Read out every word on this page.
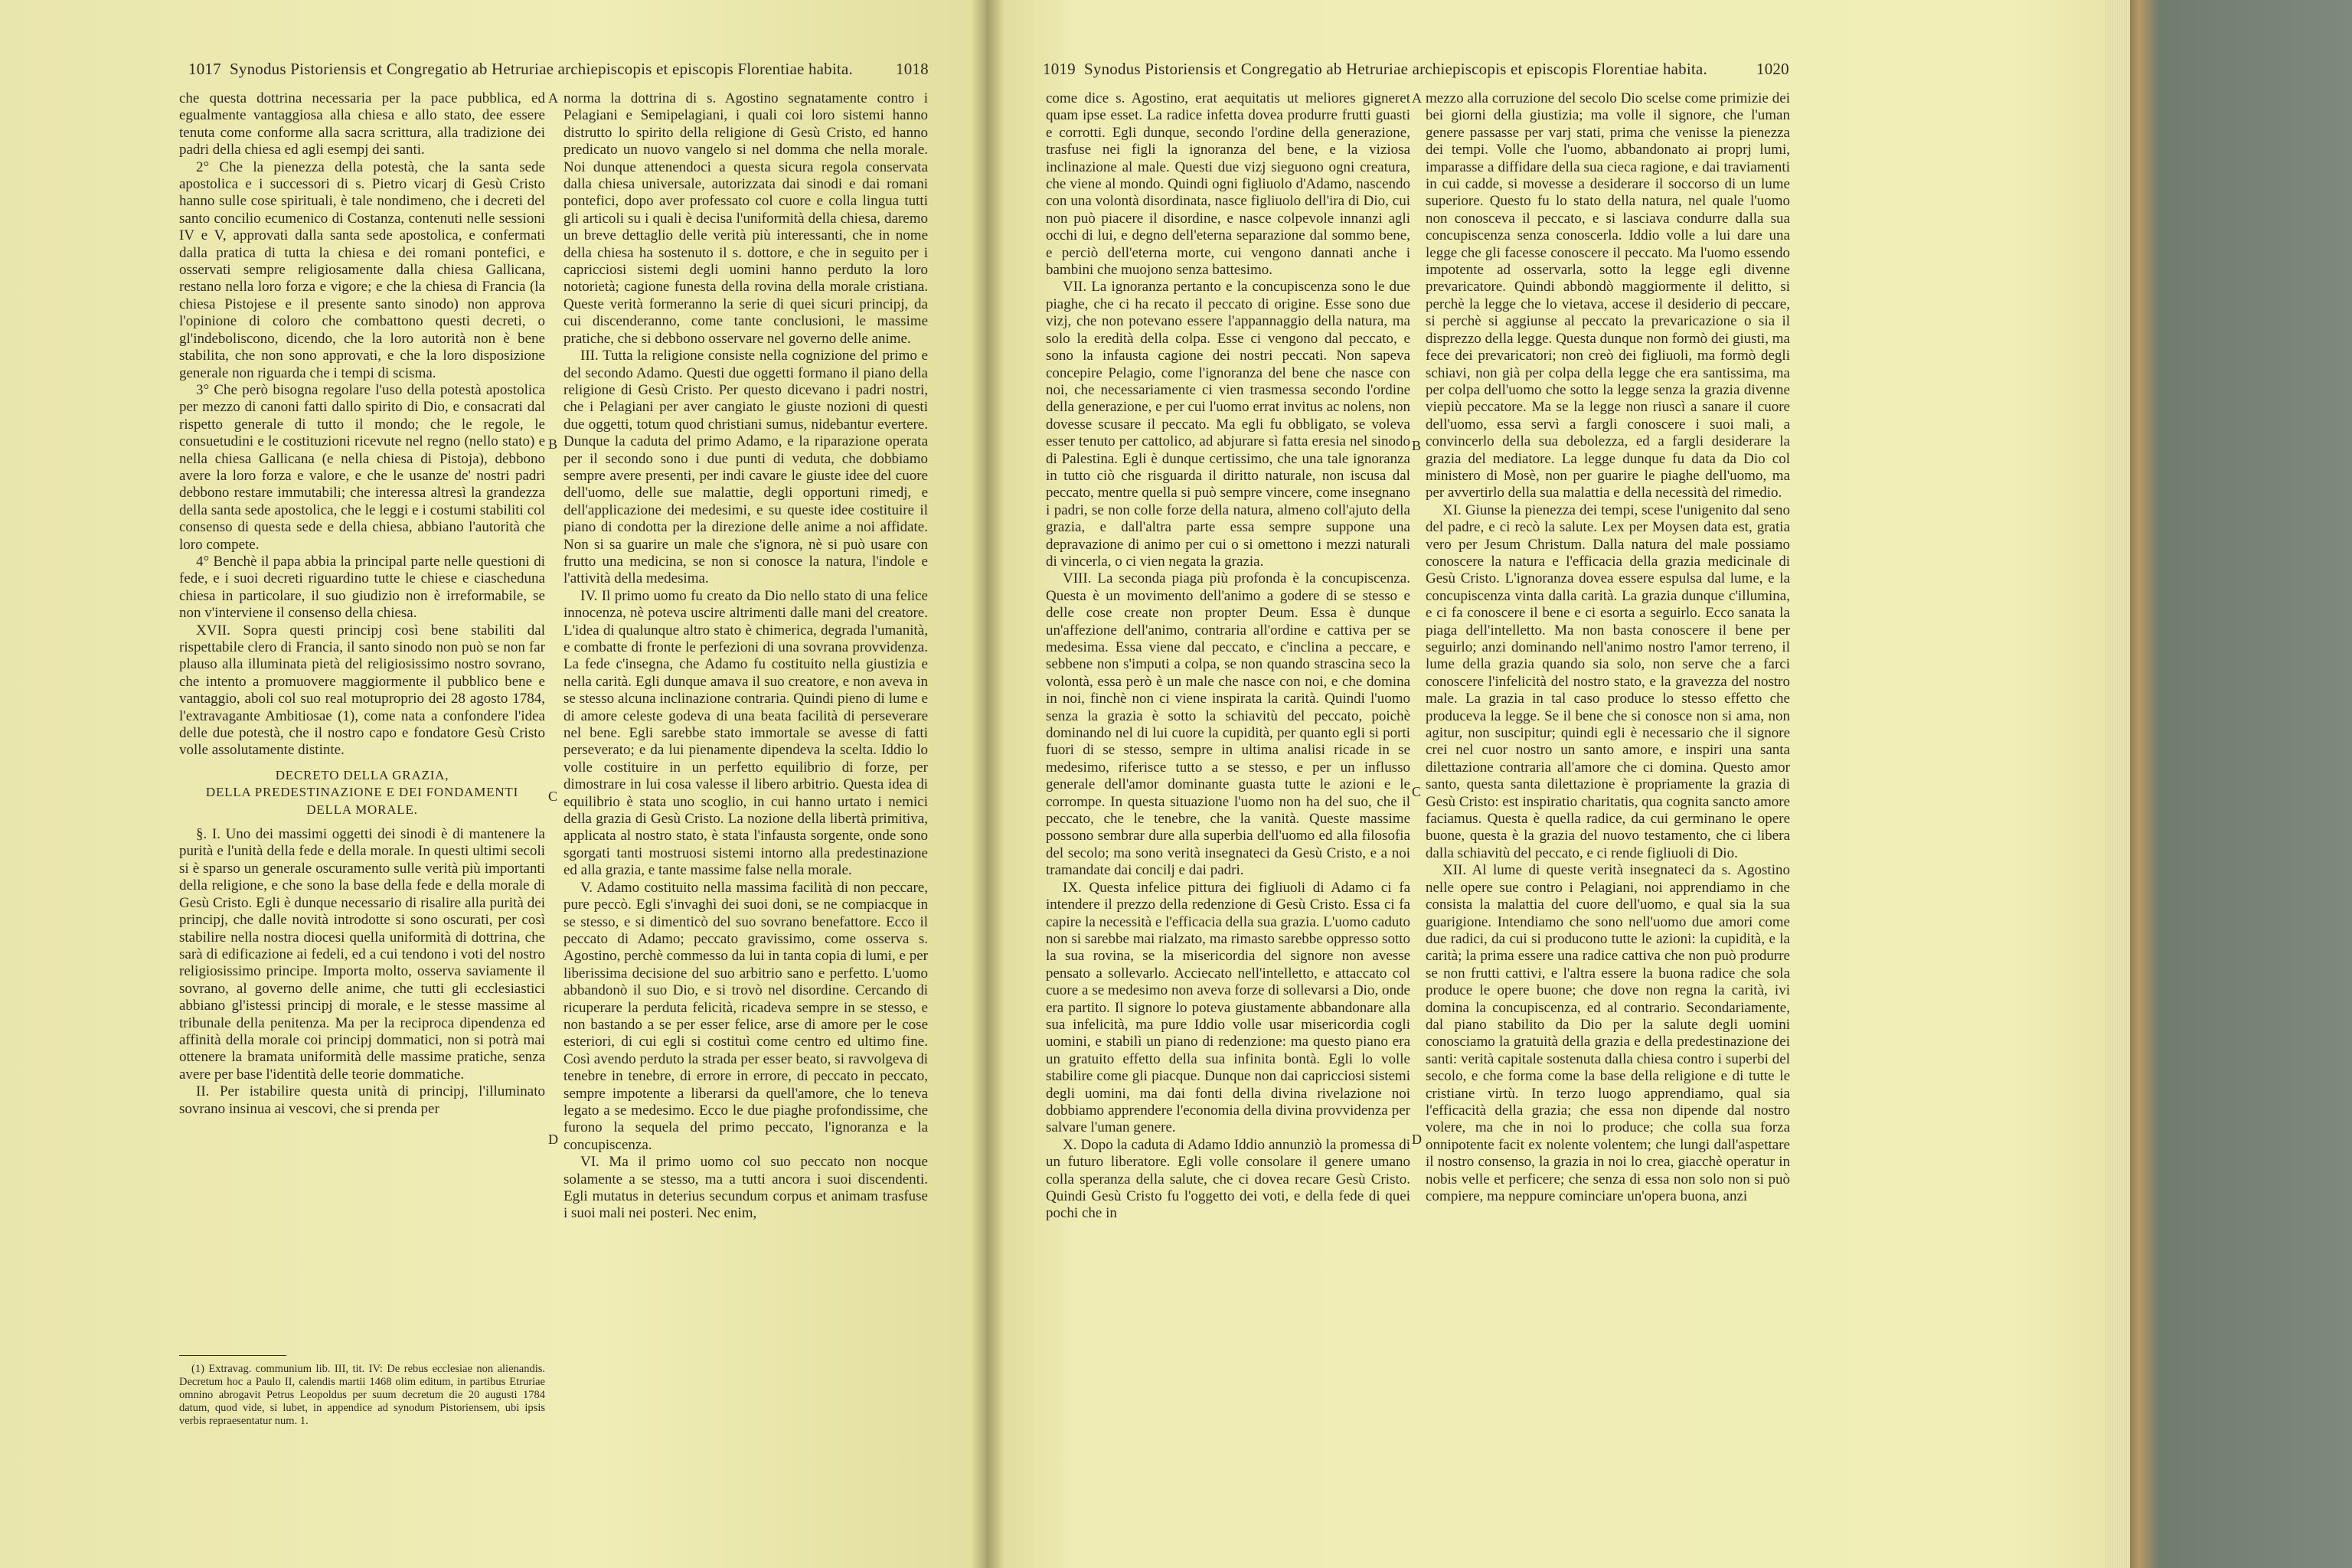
1017 Synodus Pistoriensis et Congregatio ab Hetruriae archiepiscopis et episcopis Florentiae habita.	1018

che questa dottrina necessaria per la pace pubblica, ed egualmente vantaggiosa alla chiesa e allo stato, dee essere tenuta come conforme alla sacra scrittura, alla tradizione dei padri della chiesa ed agli esempj dei santi.

2° Che la pienezza della potestà, che la santa sede apostolica e i successori di s. Pietro vicarj di Gesù Cristo hanno sulle cose spirituali, è tale nondimeno, che i decreti del santo concilio ecumenico di Costanza, contenuti nelle sessioni IV e V, approvati dalla santa sede apostolica, e confermati dalla pratica di tutta la chiesa e dei romani pontefici, e osservati sempre religiosamente dalla chiesa Gallicana, restano nella loro forza e vigore; e che la chiesa di Francia (la chiesa Pistojese e il presente santo sinodo) non approva l'opinione di coloro che combattono questi decreti, o gl'indeboliscono, dicendo, che la loro autorità non è bene stabilita, che non sono approvati, e che la loro disposizione generale non riguarda che i tempi di scisma.

3° Che però bisogna regolare l'uso della potestà apostolica per mezzo di canoni fatti dallo spirito di Dio, e consacrati dal rispetto generale di tutto il mondo; che le regole, le consuetudini e le costituzioni ricevute nel regno (nello stato) e nella chiesa Gallicana (e nella chiesa di Pistoja), debbono avere la loro forza e valore, e che le usanze de' nostri padri debbono restare immutabili; che interessa altresì la grandezza della santa sede apostolica, che le leggi e i costumi stabiliti col consenso di questa sede e della chiesa, abbiano l'autorità che loro compete.

4° Benchè il papa abbia la principal parte nelle questioni di fede, e i suoi decreti riguardino tutte le chiese e ciascheduna chiesa in particolare, il suo giudizio non è irreformabile, se non v'interviene il consenso della chiesa.

XVII. Sopra questi principj così bene stabiliti dal rispettabile clero di Francia, il santo sinodo non può se non far plauso alla illuminata pietà del religiosissimo nostro sovrano, che intento a promuovere maggiormente il pubblico bene e vantaggio, aboli col suo real motuproprio dei 28 agosto 1784, l'extravagante Ambitiosae (1), come nata a confondere l'idea delle due potestà, che il nostro capo e fondatore Gesù Cristo volle assolutamente distinte.

DECRETO DELLA GRAZIA,
DELLA PREDESTINAZIONE E DEI FONDAMENTI
DELLA MORALE.

§. I. Uno dei massimi oggetti dei sinodi è di mantenere la purità e l'unità della fede e della morale. In questi ultimi secoli si è sparso un generale oscuramento sulle verità più importanti della religione, e che sono la base della fede e della morale di Gesù Cristo. Egli è dunque necessario di risalire alla purità dei principj, che dalle novità introdotte si sono oscurati, per così stabilire nella nostra diocesi quella uniformità di dottrina, che sarà di edificazione ai fedeli, ed a cui tendono i voti del nostro religiosissimo principe. Importa molto, osserva saviamente il sovrano, al governo delle anime, che tutti gli ecclesiastici abbiano gl'istessi principj di morale, e le stesse massime al tribunale della penitenza. Ma per la reciproca dipendenza ed affinità della morale coi principj dommatici, non si potrà mai ottenere la bramata uniformità delle massime pratiche, senza avere per base l'identità delle teorie dommatiche.

II. Per istabilire questa unità di principj, l'illuminato sovrano insinua ai vescovi, che si prenda per

(1) Extravag. communium lib. III, tit. IV: De rebus ecclesiae non alienandis. Decretum hoc a Paulo II, calendis martii 1468 olim editum, in partibus Etruriae omnino abrogavit Petrus Leopoldus per suum decretum die 20 augusti 1784 datum, quod vide, si lubet, in appendice ad synodum Pistoriensem, ubi ipsis verbis repraesentatur num. 1.

A
B
C
D

norma la dottrina di s. Agostino segnatamente contro i Pelagiani e Semipelagiani, i quali coi loro sistemi hanno distrutto lo spirito della religione di Gesù Cristo, ed hanno predicato un nuovo vangelo si nel domma che nella morale. Noi dunque attenendoci a questa sicura regola conservata dalla chiesa universale, autorizzata dai sinodi e dai romani pontefici, dopo aver professato col cuore e colla lingua tutti gli articoli su i quali è decisa l'uniformità della chiesa, daremo un breve dettaglio delle verità più interessanti, che in nome della chiesa ha sostenuto il s. dottore, e che in seguito per i capricciosi sistemi degli uomini hanno perduto la loro notorietà; cagione funesta della rovina della morale cristiana. Queste verità formeranno la serie di quei sicuri principj, da cui discenderanno, come tante conclusioni, le massime pratiche, che si debbono osservare nel governo delle anime.

III. Tutta la religione consiste nella cognizione del primo e del secondo Adamo. Questi due oggetti formano il piano della religione di Gesù Cristo. Per questo dicevano i padri nostri, che i Pelagiani per aver cangiato le giuste nozioni di questi due oggetti, totum quod christiani sumus, nidebantur evertere. Dunque la caduta del primo Adamo, e la riparazione operata per il secondo sono i due punti di veduta, che dobbiamo sempre avere presenti, per indi cavare le giuste idee del cuore dell'uomo, delle sue malattie, degli opportuni rimedj, e dell'applicazione dei medesimi, e su queste idee costituire il piano di condotta per la direzione delle anime a noi affidate. Non si sa guarire un male che s'ignora, nè si può usare con frutto una medicina, se non si conosce la natura, l'indole e l'attività della medesima.

IV. Il primo uomo fu creato da Dio nello stato di una felice innocenza, nè poteva uscire altrimenti dalle mani del creatore. L'idea di qualunque altro stato è chimerica, degrada l'umanità, e combatte di fronte le perfezioni di una sovrana provvidenza. La fede c'insegna, che Adamo fu costituito nella giustizia e nella carità. Egli dunque amava il suo creatore, e non aveva in se stesso alcuna inclinazione contraria. Quindi pieno di lume e di amore celeste godeva di una beata facilità di perseverare nel bene. Egli sarebbe stato immortale se avesse di fatti perseverato; e da lui pienamente dipendeva la scelta. Iddio lo volle costituire in un perfetto equilibrio di forze, per dimostrare in lui cosa valesse il libero arbitrio. Questa idea di equilibrio è stata uno scoglio, in cui hanno urtato i nemici della grazia di Gesù Cristo. La nozione della libertà primitiva, applicata al nostro stato, è stata l'infausta sorgente, onde sono sgorgati tanti mostruosi sistemi intorno alla predestinazione ed alla grazia, e tante massime false nella morale.

V. Adamo costituito nella massima facilità di non peccare, pure peccò. Egli s'invaghì dei suoi doni, se ne compiacque in se stesso, e si dimenticò del suo sovrano benefattore. Ecco il peccato di Adamo; peccato gravissimo, come osserva s. Agostino, perchè commesso da lui in tanta copia di lumi, e per liberissima decisione del suo arbitrio sano e perfetto. L'uomo abbandonò il suo Dio, e si trovò nel disordine. Cercando di ricuperare la perduta felicità, ricadeva sempre in se stesso, e non bastando a se per esser felice, arse di amore per le cose esteriori, di cui egli si costituì come centro ed ultimo fine. Così avendo perduto la strada per esser beato, si ravvolgeva di tenebre in tenebre, di errore in errore, di peccato in peccato, sempre impotente a liberarsi da quell'amore, che lo teneva legato a se medesimo. Ecco le due piaghe profondissime, che furono la sequela del primo peccato, l'ignoranza e la concupiscenza.

VI. Ma il primo uomo col suo peccato non nocque solamente a se stesso, ma a tutti ancora i suoi discendenti. Egli mutatus in deterius secundum corpus et animam trasfuse i suoi mali nei posteri. Nec enim,

1019 Synodus Pistoriensis et Congregatio ab Hetruriae archiepiscopis et episcopis Florentiae habita.	1020

come dice s. Agostino, erat aequitatis ut meliores gigneret quam ipse esset. La radice infetta dovea produrre frutti guasti e corrotti. Egli dunque, secondo l'ordine della generazione, trasfuse nei figli la ignoranza del bene, e la viziosa inclinazione al male. Questi due vizj sieguono ogni creatura, che viene al mondo. Quindi ogni figliuolo d'Adamo, nascendo con una volontà disordinata, nasce figliuolo dell'ira di Dio, cui non può piacere il disordine, e nasce colpevole innanzi agli occhi di lui, e degno dell'eterna separazione dal sommo bene, e perciò dell'eterna morte, cui vengono dannati anche i bambini che muojono senza battesimo.

VII. La ignoranza pertanto e la concupiscenza sono le due piaghe, che ci ha recato il peccato di origine. Esse sono due vizj, che non potevano essere l'appannaggio della natura, ma solo la eredità della colpa. Esse ci vengono dal peccato, e sono la infausta cagione dei nostri peccati. Non sapeva concepire Pelagio, come l'ignoranza del bene che nasce con noi, che necessariamente ci vien trasmessa secondo l'ordine della generazione, e per cui l'uomo errat invitus ac nolens, non dovesse scusare il peccato. Ma egli fu obbligato, se voleva esser tenuto per cattolico, ad abjurare sì fatta eresia nel sinodo di Palestina. Egli è dunque certissimo, che una tale ignoranza in tutto ciò che risguarda il diritto naturale, non iscusa dal peccato, mentre quella si può sempre vincere, come insegnano i padri, se non colle forze della natura, almeno coll'ajuto della grazia, e dall'altra parte essa sempre suppone una depravazione di animo per cui o si omettono i mezzi naturali di vincerla, o ci vien negata la grazia.

VIII. La seconda piaga più profonda è la concupiscenza. Questa è un movimento dell'animo a godere di se stesso e delle cose create non propter Deum. Essa è dunque un'affezione dell'animo, contraria all'ordine e cattiva per se medesima. Essa viene dal peccato, e c'inclina a peccare, e sebbene non s'imputi a colpa, se non quando strascina seco la volontà, essa però è un male che nasce con noi, e che domina in noi, finchè non ci viene inspirata la carità. Quindi l'uomo senza la grazia è sotto la schiavitù del peccato, poichè dominando nel di lui cuore la cupidità, per quanto egli si porti fuori di se stesso, sempre in ultima analisi ricade in se medesimo, riferisce tutto a se stesso, e per un influsso generale dell'amor dominante guasta tutte le azioni e le corrompe. In questa situazione l'uomo non ha del suo, che il peccato, che le tenebre, che la vanità. Queste massime possono sembrar dure alla superbia dell'uomo ed alla filosofia del secolo; ma sono verità insegnateci da Gesù Cristo, e a noi tramandate dai concilj e dai padri.

IX. Questa infelice pittura dei figliuoli di Adamo ci fa intendere il prezzo della redenzione di Gesù Cristo. Essa ci fa capire la necessità e l'efficacia della sua grazia. L'uomo caduto non si sarebbe mai rialzato, ma rimasto sarebbe oppresso sotto la sua rovina, se la misericordia del signore non avesse pensato a sollevarlo. Acciecato nell'intelletto, e attaccato col cuore a se medesimo non aveva forze di sollevarsi a Dio, onde era partito. Il signore lo poteva giustamente abbandonare alla sua infelicità, ma pure Iddio volle usar misericordia cogli uomini, e stabilì un piano di redenzione: ma questo piano era un gratuito effetto della sua infinita bontà. Egli lo volle stabilire come gli piacque. Dunque non dai capricciosi sistemi degli uomini, ma dai fonti della divina rivelazione noi dobbiamo apprendere l'economia della divina provvidenza per salvare l'uman genere.

X. Dopo la caduta di Adamo Iddio annunziò la promessa di un futuro liberatore. Egli volle consolare il genere umano colla speranza della salute, che ci dovea recare Gesù Cristo. Quindi Gesù Cristo fu l'oggetto dei voti, e della fede di quei pochi che in

A
B
C
D

mezzo alla corruzione del secolo Dio scelse come primizie dei bei giorni della giustizia; ma volle il signore, che l'uman genere passasse per varj stati, prima che venisse la pienezza dei tempi. Volle che l'uomo, abbandonato ai proprj lumi, imparasse a diffidare della sua cieca ragione, e dai traviamenti in cui cadde, si movesse a desiderare il soccorso di un lume superiore. Questo fu lo stato della natura, nel quale l'uomo non conosceva il peccato, e si lasciava condurre dalla sua concupiscenza senza conoscerla. Iddio volle a lui dare una legge che gli facesse conoscere il peccato. Ma l'uomo essendo impotente ad osservarla, sotto la legge egli divenne prevaricatore. Quindi abbondò maggiormente il delitto, si perchè la legge che lo vietava, accese il desiderio di peccare, si perchè si aggiunse al peccato la prevaricazione o sia il disprezzo della legge. Questa dunque non formò dei giusti, ma fece dei prevaricatori; non creò dei figliuoli, ma formò degli schiavi, non già per colpa della legge che era santissima, ma per colpa dell'uomo che sotto la legge senza la grazia divenne viepiù peccatore. Ma se la legge non riuscì a sanare il cuore dell'uomo, essa servì a fargli conoscere i suoi mali, a convincerlo della sua debolezza, ed a fargli desiderare la grazia del mediatore. La legge dunque fu data da Dio col ministero di Mosè, non per guarire le piaghe dell'uomo, ma per avvertirlo della sua malattia e della necessità del rimedio.

XI. Giunse la pienezza dei tempi, scese l'unigenito dal seno del padre, e ci recò la salute. Lex per Moysen data est, gratia vero per Jesum Christum. Dalla natura del male possiamo conoscere la natura e l'efficacia della grazia medicinale di Gesù Cristo. L'ignoranza dovea essere espulsa dal lume, e la concupiscenza vinta dalla carità. La grazia dunque c'illumina, e ci fa conoscere il bene e ci esorta a seguirlo. Ecco sanata la piaga dell'intelletto. Ma non basta conoscere il bene per seguirlo; anzi dominando nell'animo nostro l'amor terreno, il lume della grazia quando sia solo, non serve che a farci conoscere l'infelicità del nostro stato, e la gravezza del nostro male. La grazia in tal caso produce lo stesso effetto che produceva la legge. Se il bene che si conosce non si ama, non agitur, non suscipitur; quindi egli è necessario che il signore crei nel cuor nostro un santo amore, e inspiri una santa dilettazione contraria all'amore che ci domina. Questo amor santo, questa santa dilettazione è propriamente la grazia di Gesù Cristo: est inspiratio charitatis, qua cognita sancto amore faciamus. Questa è quella radice, da cui germinano le opere buone, questa è la grazia del nuovo testamento, che ci libera dalla schiavitù del peccato, e ci rende figliuoli di Dio.

XII. Al lume di queste verità insegnateci da s. Agostino nelle opere sue contro i Pelagiani, noi apprendiamo in che consista la malattia del cuore dell'uomo, e qual sia la sua guarigione. Intendiamo che sono nell'uomo due amori come due radici, da cui si producono tutte le azioni: la cupidità, e la carità; la prima essere una radice cattiva che non può produrre se non frutti cattivi, e l'altra essere la buona radice che sola produce le opere buone; che dove non regna la carità, ivi domina la concupiscenza, ed al contrario. Secondariamente, dal piano stabilito da Dio per la salute degli uomini conosciamo la gratuità della grazia e della predestinazione dei santi: verità capitale sostenuta dalla chiesa contro i superbi del secolo, e che forma come la base della religione e di tutte le cristiane virtù. In terzo luogo apprendiamo, qual sia l'efficacità della grazia; che essa non dipende dal nostro volere, ma che in noi lo produce; che colla sua forza onnipotente facit ex nolente volentem; che lungi dall'aspettare il nostro consenso, la grazia in noi lo crea, giacchè operatur in nobis velle et perficere; che senza di essa non solo non si può compiere, ma neppure cominciare un'opera buona, anzi
